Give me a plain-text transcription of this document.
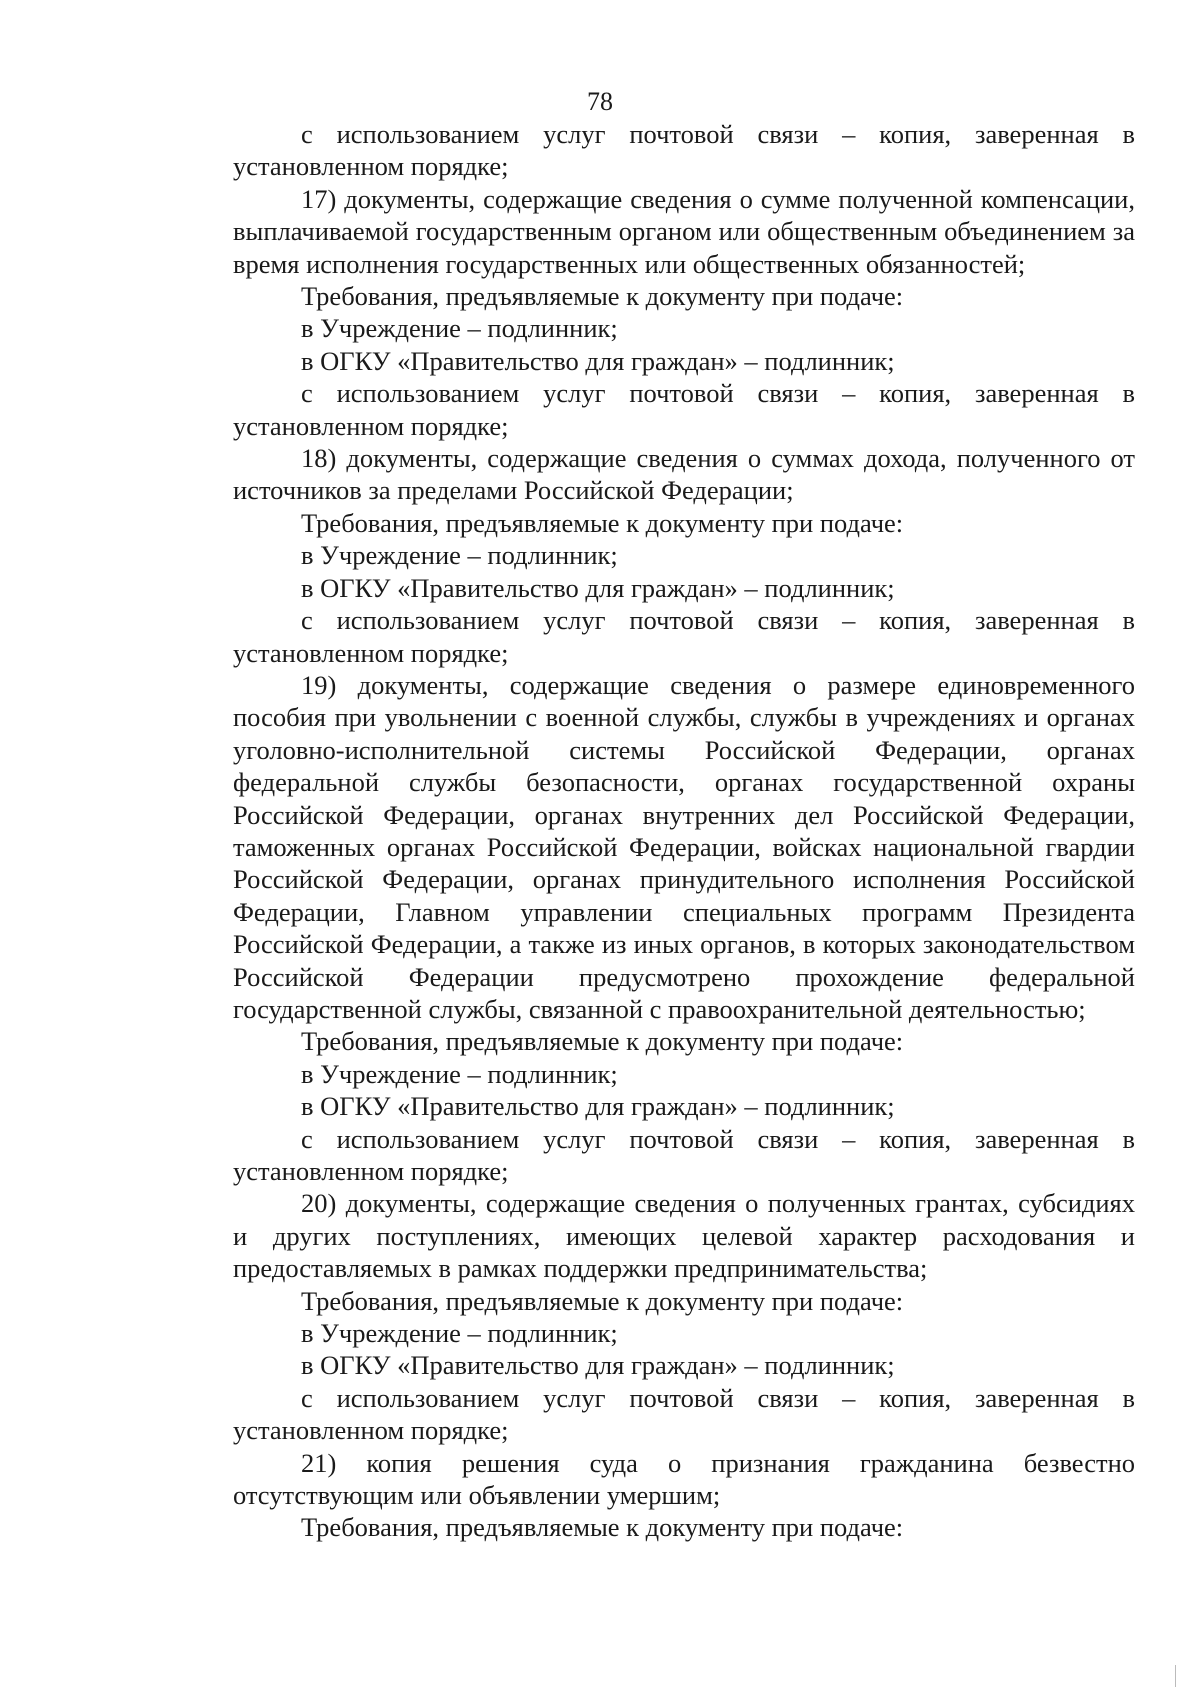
78

с использованием услуг почтовой связи – копия, заверенная в установленном порядке;

17) документы, содержащие сведения о сумме полученной компенсации, выплачиваемой государственным органом или общественным объединением за время исполнения государственных или общественных обязанностей;

Требования, предъявляемые к документу при подаче:

в Учреждение – подлинник;

в ОГКУ «Правительство для граждан» – подлинник;

с использованием услуг почтовой связи – копия, заверенная в установленном порядке;

18) документы, содержащие сведения о суммах дохода, полученного от источников за пределами Российской Федерации;

Требования, предъявляемые к документу при подаче:

в Учреждение – подлинник;

в ОГКУ «Правительство для граждан» – подлинник;

с использованием услуг почтовой связи – копия, заверенная в установленном порядке;

19) документы, содержащие сведения о размере единовременного пособия при увольнении с военной службы, службы в учреждениях и органах уголовно-исполнительной системы Российской Федерации, органах федеральной службы безопасности, органах государственной охраны Российской Федерации, органах внутренних дел Российской Федерации, таможенных органах Российской Федерации, войсках национальной гвардии Российской Федерации, органах принудительного исполнения Российской Федерации, Главном управлении специальных программ Президента Российской Федерации, а также из иных органов, в которых законодательством Российской Федерации предусмотрено прохождение федеральной государственной службы, связанной с правоохранительной деятельностью;

Требования, предъявляемые к документу при подаче:

в Учреждение – подлинник;

в ОГКУ «Правительство для граждан» – подлинник;

с использованием услуг почтовой связи – копия, заверенная в установленном порядке;

20) документы, содержащие сведения о полученных грантах, субсидиях и других поступлениях, имеющих целевой характер расходования и предоставляемых в рамках поддержки предпринимательства;

Требования, предъявляемые к документу при подаче:

в Учреждение – подлинник;

в ОГКУ «Правительство для граждан» – подлинник;

с использованием услуг почтовой связи – копия, заверенная в установленном порядке;

21) копия решения суда о признания гражданина безвестно отсутствующим или объявлении умершим;

Требования, предъявляемые к документу при подаче:
